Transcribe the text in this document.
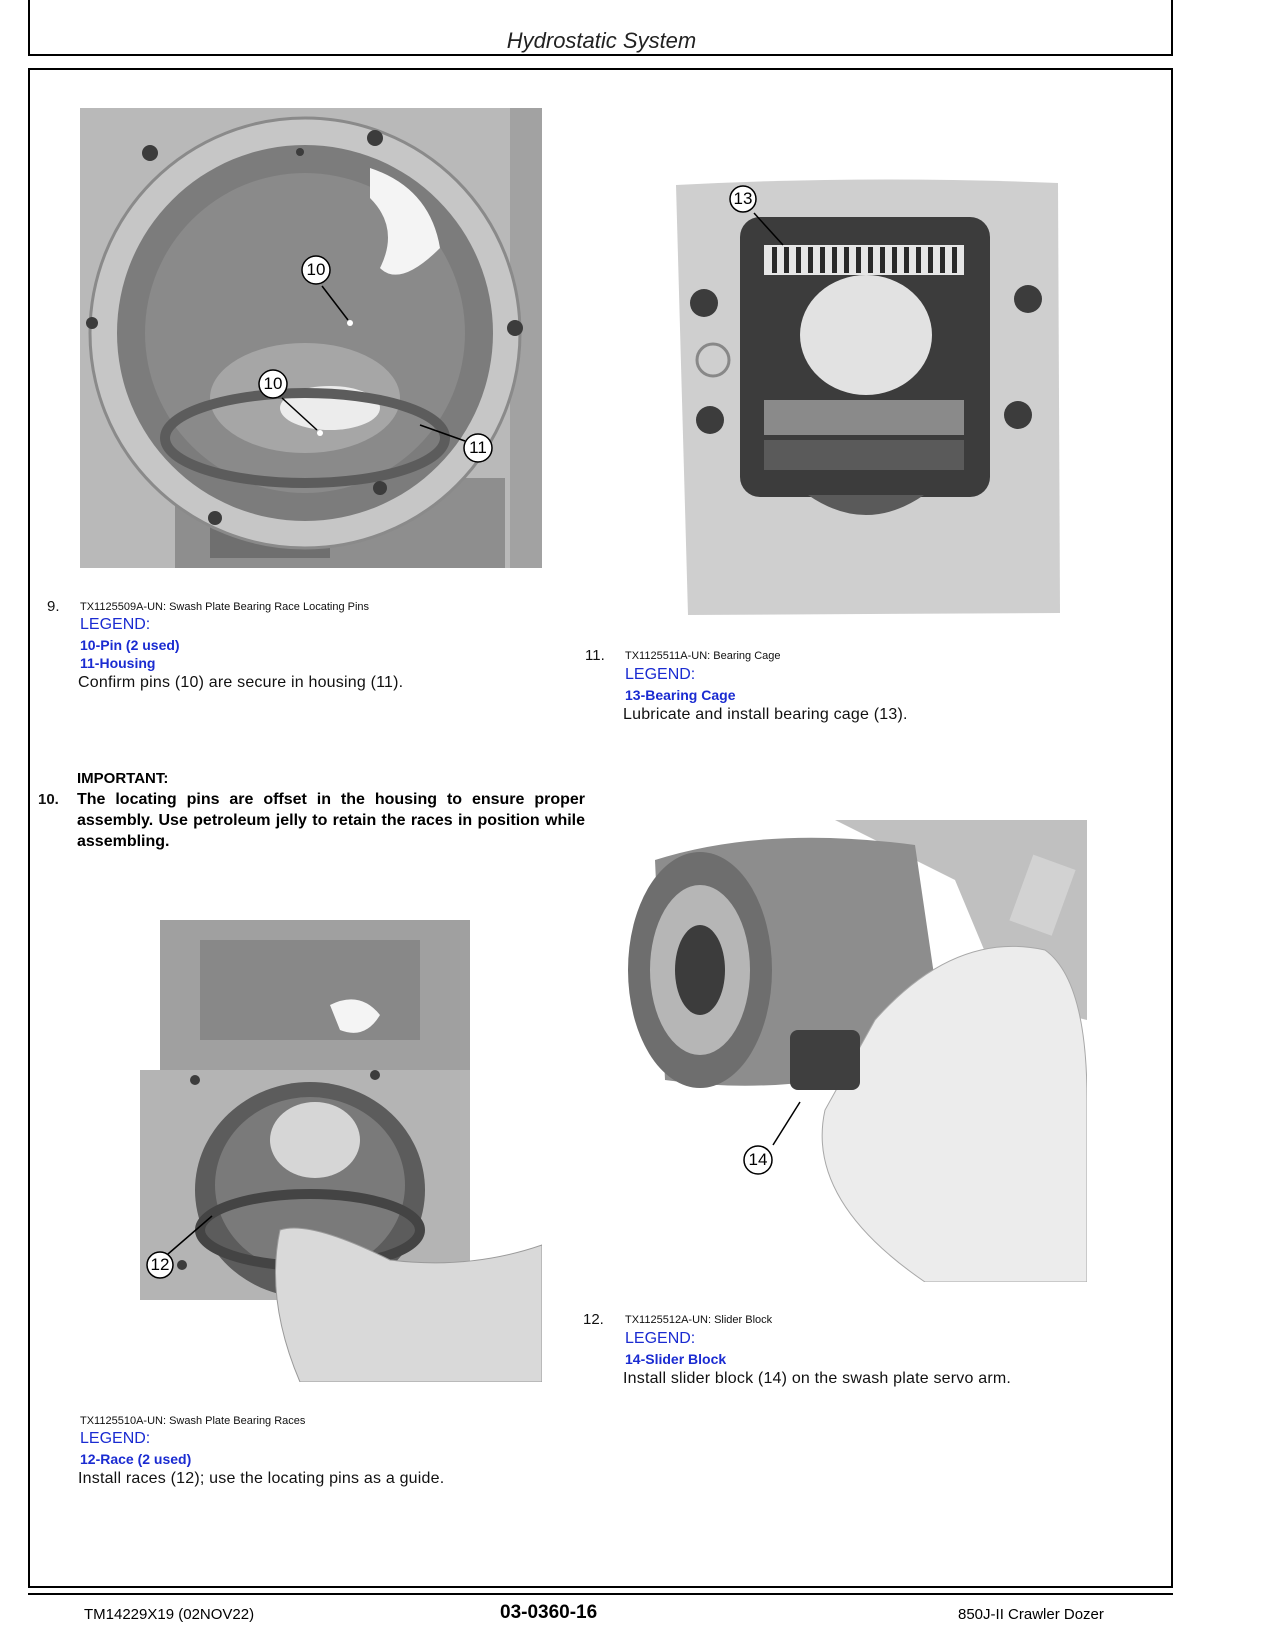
Hydrostatic System
10
10
11
9. TX1125509A-UN: Swash Plate Bearing Race Locating Pins
LEGEND:
10-Pin (2 used)
11-Housing
Confirm pins (10) are secure in housing (11).
13
11. TX1125511A-UN: Bearing Cage
LEGEND:
13-Bearing Cage
Lubricate and install bearing cage (13).
IMPORTANT:
10. The locating pins are offset in the housing to ensure proper assembly. Use petroleum jelly to retain the races in position while assembling.
12
TX1125510A-UN: Swash Plate Bearing Races
LEGEND:
12-Race (2 used)
Install races (12); use the locating pins as a guide.
14
12. TX1125512A-UN: Slider Block
LEGEND:
14-Slider Block
Install slider block (14) on the swash plate servo arm.
TM14229X19 (02NOV22)	03-0360-16	850J-II Crawler Dozer
